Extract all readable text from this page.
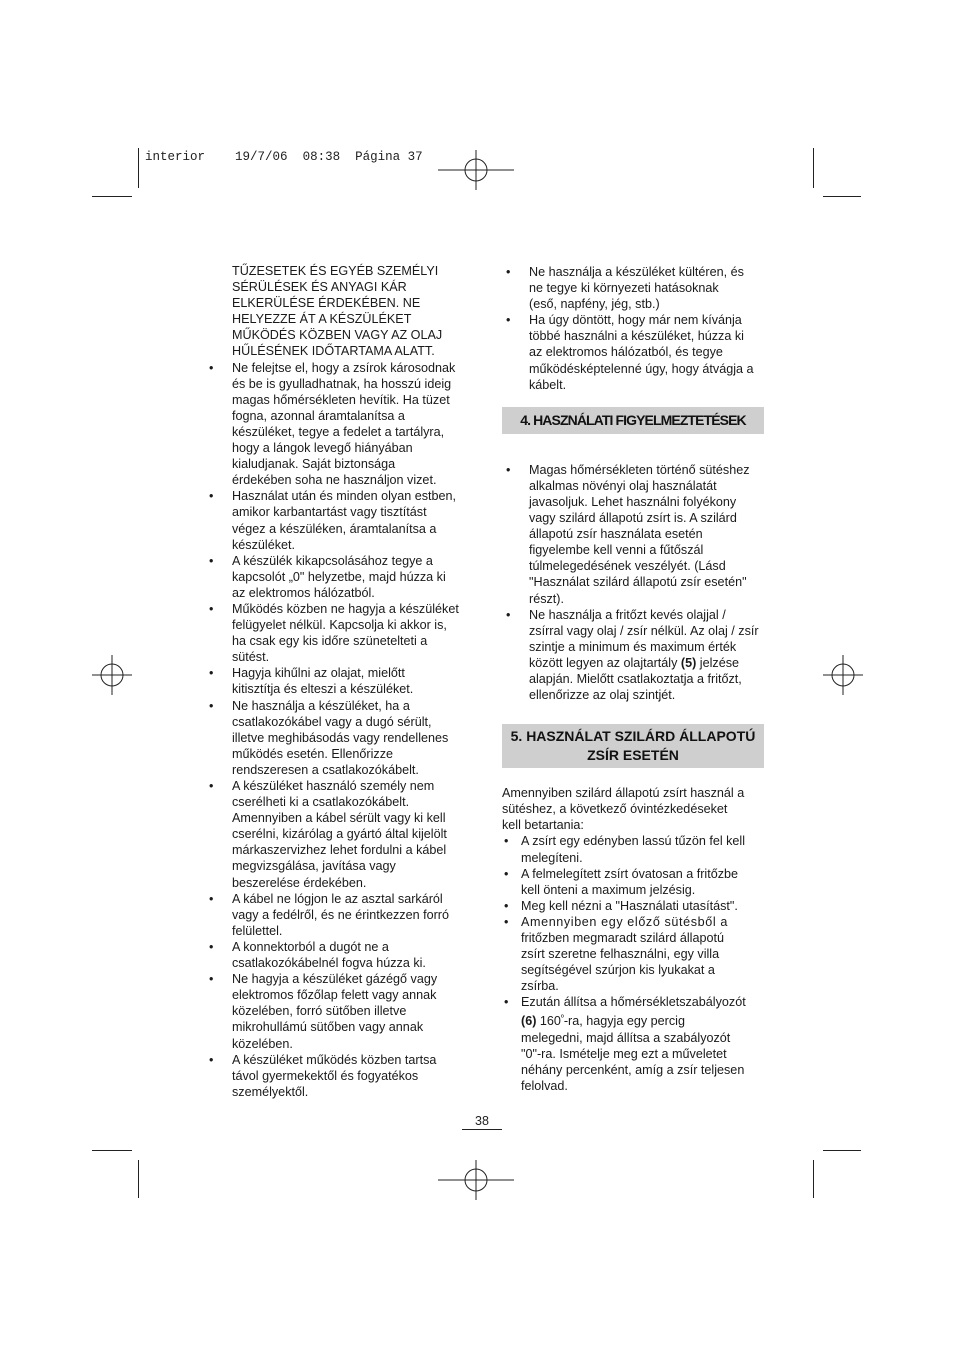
interior 19/7/06 08:38 Página 37

TŰZESETEK ÉS EGYÉB SZEMÉLYI
SÉRÜLÉSEK ÉS ANYAGI KÁR
ELKERÜLÉSE ÉRDEKÉBEN. NE
HELYEZZE ÁT A KÉSZÜLÉKET
MŰKÖDÉS KÖZBEN VAGY AZ OLAJ
HŰLÉSÉNEK IDŐTARTAMA ALATT.

• Ne felejtse el, hogy a zsírok károsodnak
és be is gyulladhatnak, ha hosszú ideig
magas hőmérsékleten hevítik. Ha tüzet
fogna, azonnal áramtalanítsa a
készüléket, tegye a fedelet a tartályra,
hogy a lángok levegő hiányában
kialudjanak. Saját biztonsága
érdekében soha ne használjon vizet.
• Használat után és minden olyan estben,
amikor karbantartást vagy tisztítást
végez a készüléken, áramtalanítsa a
készüléket.
• A készülék kikapcsolásához tegye a
kapcsolót „0" helyzetbe, majd húzza ki
az elektromos hálózatból.
• Működés közben ne hagyja a készüléket
felügyelet nélkül. Kapcsolja ki akkor is,
ha csak egy kis időre szünetelteti a
sütést.
• Hagyja kihűlni az olajat, mielőtt
kitisztítja és elteszi a készüléket.
• Ne használja a készüléket, ha a
csatlakozókábel vagy a dugó sérült,
illetve meghibásodás vagy rendellenes
működés esetén. Ellenőrizze
rendszeresen a csatlakozókábelt.
• A készüléket használó személy nem
cserélheti ki a csatlakozókábelt.
Amennyiben a kábel sérült vagy ki kell
cserélni, kizárólag a gyártó által kijelölt
márkaszervizhez lehet fordulni a kábel
megvizsgálása, javítása vagy
beszerelése érdekében.
• A kábel ne lógjon le az asztal sarkáról
vagy a fedélről, és ne érintkezzen forró
felülettel.
• A konnektorból a dugót ne a
csatlakozókábelnél fogva húzza ki.
• Ne hagyja a készüléket gázégő vagy
elektromos főzőlap felett vagy annak
közelében, forró sütőben illetve
mikrohullámú sütőben vagy annak
közelében.
• A készüléket működés közben tartsa
távol gyermekektől és fogyatékos
személyektől.
• Ne használja a készüléket kültéren, és
ne tegye ki környezeti hatásoknak
(eső, napfény, jég, stb.)
• Ha úgy döntött, hogy már nem kívánja
többé használni a készüléket, húzza ki
az elektromos hálózatból, és tegye
működésképtelenné úgy, hogy átvágja a
kábelt.
4. HASZNÁLATI FIGYELMEZTETÉSEK
• Magas hőmérsékleten történő sütéshez
alkalmas növényi olaj használatát
javasoljuk. Lehet használni folyékony
vagy szilárd állapotú zsírt is. A szilárd
állapotú zsír használata esetén
figyelembe kell venni a fűtőszál
túlmelegedésének veszélyét. (Lásd
"Használat szilárd állapotú zsír esetén"
részt).
• Ne használja a fritőzt kevés olajjal /
zsírral vagy olaj / zsír nélkül. Az olaj / zsír
szintje a minimum és maximum érték
között legyen az olajtartály (5) jelzése
alapján. Mielőtt csatlakoztatja a fritőzt,
ellenőrizze az olaj szintjét.
5. HASZNÁLAT SZILÁRD ÁLLAPOTÚ
ZSÍR ESETÉN

Amennyiben szilárd állapotú zsírt használ a
sütéshez, a következő óvintézkedéseket
kell betartania:

• A zsírt egy edényben lassú tűzön fel kell
melegíteni.
• A felmelegített zsírt óvatosan a fritőzbe
kell önteni a maximum jelzésig.
• Meg kell nézni a "Használati utasítást".
• Amennyiben egy előző sütésből a
fritőzben megmaradt szilárd állapotú
zsírt szeretne felhasználni, egy villa
segítségével szúrjon kis lyukakat a
zsírba.
• Ezután állítsa a hőmérsékletszabályozót
(6) $160^º-ra$, hagyja egy percig
melegedni, majd állítsa a szabályozót
"0"-ra. Ismételje meg ezt a műveletet
néhány percenként, amíg a zsír teljesen
felolvad.
38
